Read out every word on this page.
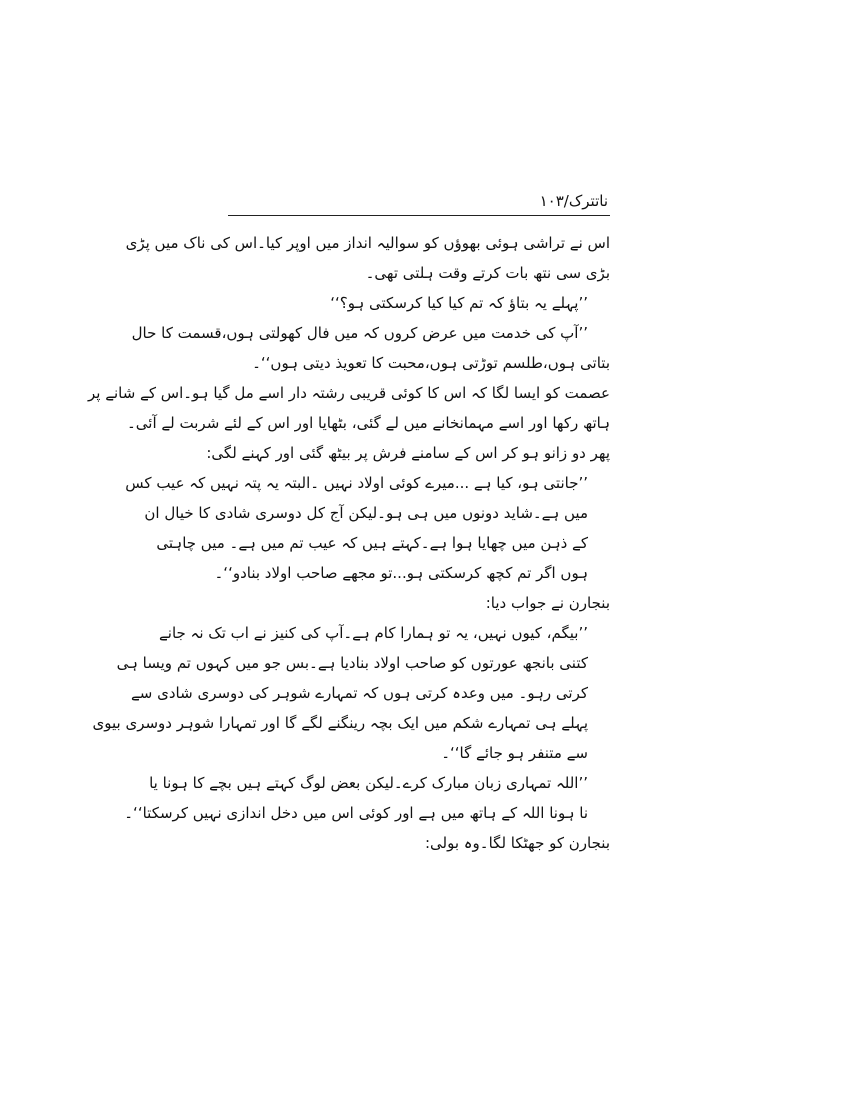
ناتترک/۱۰۳
اس نے تراشی ہوئی بھوؤں کو سوالیہ انداز میں اوپر کیا۔اس کی ناک میں پڑی
بڑی سی نتھ بات کرتے وقت ہلتی تھی۔
’’پہلے یہ بتاؤ کہ تم کیا کیا کرسکتی ہو؟‘‘
’’آپ کی خدمت میں عرض کروں کہ میں فال کھولتی ہوں،قسمت کا حال
بتاتی ہوں،طلسم توڑتی ہوں،محبت کا تعویذ دیتی ہوں‘‘۔
عصمت کو ایسا لگا کہ اس کا کوئی قریبی رشتہ دار اسے مل گیا ہو۔اس کے شانے پر
ہاتھ رکھا اور اسے مہمانخانے میں لے گئی، بٹھایا اور اس کے لئے شربت لے آئی۔
پھر دو زانو ہو کر اس کے سامنے فرش پر بیٹھ گئی اور کہنے لگی:
’’جانتی ہو، کیا ہے ...میرے کوئی اولاد نہیں ۔البتہ یہ پتہ نہیں کہ عیب کس
میں ہے۔شاید دونوں میں ہی ہو۔لیکن آج کل دوسری شادی کا خیال ان
کے ذہن میں چھایا ہوا ہے۔کہتے ہیں کہ عیب تم میں ہے۔ میں چاہتی
ہوں اگر تم کچھ کرسکتی ہو...تو مجھے صاحب اولاد بنادو‘‘۔
بنجارن نے جواب دیا:
’’بیگم، کیوں نہیں، یہ تو ہمارا کام ہے۔آپ کی کنیز نے اب تک نہ جانے
کتنی بانجھ عورتوں کو صاحب اولاد بنادیا ہے۔بس جو میں کہوں تم ویسا ہی
کرتی رہو۔ میں وعدہ کرتی ہوں کہ تمہارے شوہر کی دوسری شادی سے
پہلے ہی تمہارے شکم میں ایک بچہ رینگنے لگے گا اور تمہارا شوہر دوسری بیوی
سے متنفر ہو جائے گا‘‘۔
’’اللہ تمہاری زبان مبارک کرے۔لیکن بعض لوگ کہتے ہیں بچے کا ہونا یا
نا ہونا اللہ کے ہاتھ میں ہے اور کوئی اس میں دخل اندازی نہیں کرسکتا‘‘۔
بنجارن کو جھٹکا لگا۔وہ بولی:
